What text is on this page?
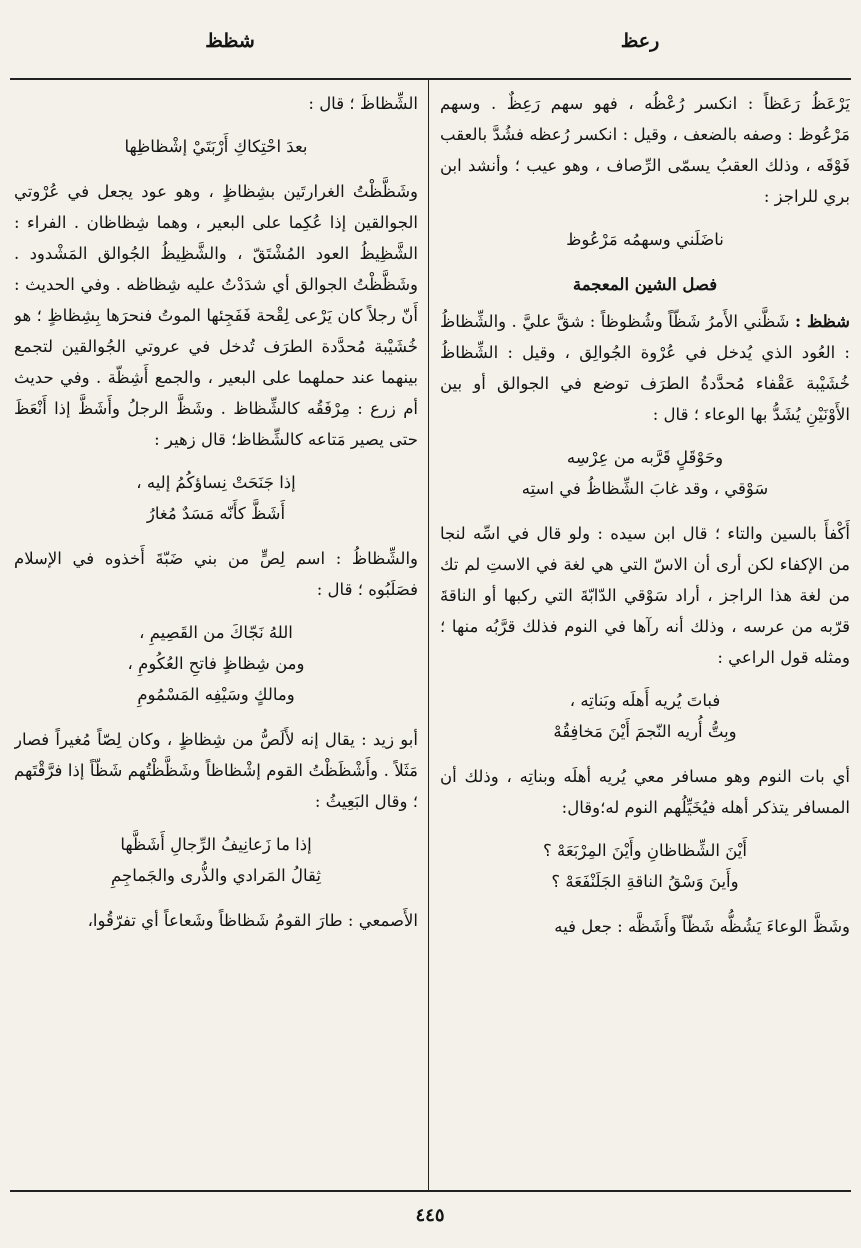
رعظ
شظظ

يَرْعَظُ رَعَظاً : انكسر رُعْظُه ، فهو سهم رَعِظٌ . وسهم مَرْعُوظ : وصفه بالضعف ، وقيل : انكسر رُعظه فشُدَّ بالعقب فَوْقَه ، وذلك العقبُ يسمّى الرِّصاف ، وهو عيب ؛ وأنشد ابن بري للراجز :

ناضَلَني وسهمُه مَرْعُوظ

فصل الشين المعجمة

شظظ : شَظَّني الأَمرُ شَظّاً وشُظوظاً : شقَّ عليَّ . والشِّظاظُ : العُود الذي يُدخل في عُرْوة الجُوالِق ، وقيل : الشِّظاظُ خُشَيْبة عَقْفاء مُحدَّدةُ الطرَف توضع في الجوالق أو بين الأَوْنَيْنِ يُشَدُّ بها الوعاء ؛ قال :

وحَوْقَلٍ قَرَّبه من عِرْسِه
سَوْقي ، وقد غابَ الشِّظاظُ في استِه

أَكْفأَ بالسين والتاء ؛ قال ابن سيده : ولو قال في اسِّه لنجا من الإكفاء لكن أرى أن الاسّ التي هي لغة في الاستِ لم تك من لغة هذا الراجز ، أراد سَوْقي الدّابّةَ التي ركبها أو الناقةَ قرّبه من عرسه ، وذلك أنه رآها في النوم فذلك قرَّبُه منها ؛ ومثله قول الراعي :

فباتَ يُريه أَهلَه وبَناتِه ،
وبِتُّ أُريه النّجمَ أَيْنَ مَخافِقُهْ

أي بات النوم وهو مسافر معي يُريه أهلَه وبناتِه ، وذلك أن المسافر يتذكر أهله فيُخَيِّلُهم النوم له؛وقال:

أَيْنَ الشِّظاظانِ وأَيْنَ المِرْبَعَهْ ؟
وأَينَ وَسْقُ الناقةِ الجَلَنْفَعَهْ ؟

وشَظَّ الوعاءَ يَشُظُّه شَظّاً وأَشَظَّه : جعل فيه

الشِّظاظَ ؛ قال :

بعدَ احْتِكاكِ أَرْبَتَيْ إشْظاظِها

وشَظَّظْتُ الغرارتَين بشِظاظٍ ، وهو عود يجعل في عُرْوتي الجوالقين إذا عُكِما على البعير ، وهما شِظاظان . الفراء : الشَّظِيظُ العود المُشْتَقّ ، والشَّظِيظُ الجُوالق المَشْدود . وشَظَّظْتُ الجوالق أي شدَدْتُ عليه شِظاظه . وفي الحديث : أَنّ رجلاً كان يَرْعى لِقْحة فَفَجِئها الموتُ فنحرَها بِشِظاظٍ ؛ هو خُشَيْبة مُحدَّدة الطرَف تُدخل في عروتي الجُوالقين لتجمع بينهما عند حملهما على البعير ، والجمع أَشِظّة . وفي حديث أم زرع : مِرْفَقُه كالشِّظاظ . وشَظَّ الرجلُ وأَشَظَّ إذا أَنْعَظَ حتى يصير مَتاعه كالشِّظاظ؛ قال زهير :

إذا جَنَحَتْ نِساؤكُمُ إليه ،
أَشَظَّ كأَنّه مَسَدٌ مُغارُ

والشِّظاظُ : اسم لِصٍّ من بني ضَبّةَ أَخذوه في الإسلام فصَلَبُوه ؛ قال :

اللهُ نَجّاكَ من القَصِيمِ ،
ومن شِظاظٍ فاتحِ العُكُومِ ،
ومالكٍ وسَيْفِه المَسْمُومِ

أبو زيد : يقال إنه لأَلَصُّ من شِظاظٍ ، وكان لِصّاً مُغيراً فصار مَثَلاً . وأَشْظَظْتُ القوم إشْظاظاً وشَظَّظْتُهم شَظّاً إذا فرَّقْتَهم ؛ وقال البَعِيثُ :

إذا ما زَعانِيفُ الرِّجالِ أَشَظَّها
ثِقالُ المَرادي والذُّرى والجَماجِمِ

الأَصمعي : طارَ القومُ شَظاظاً وشَعاعاً أي تفرّقُوا،

٤٤٥
